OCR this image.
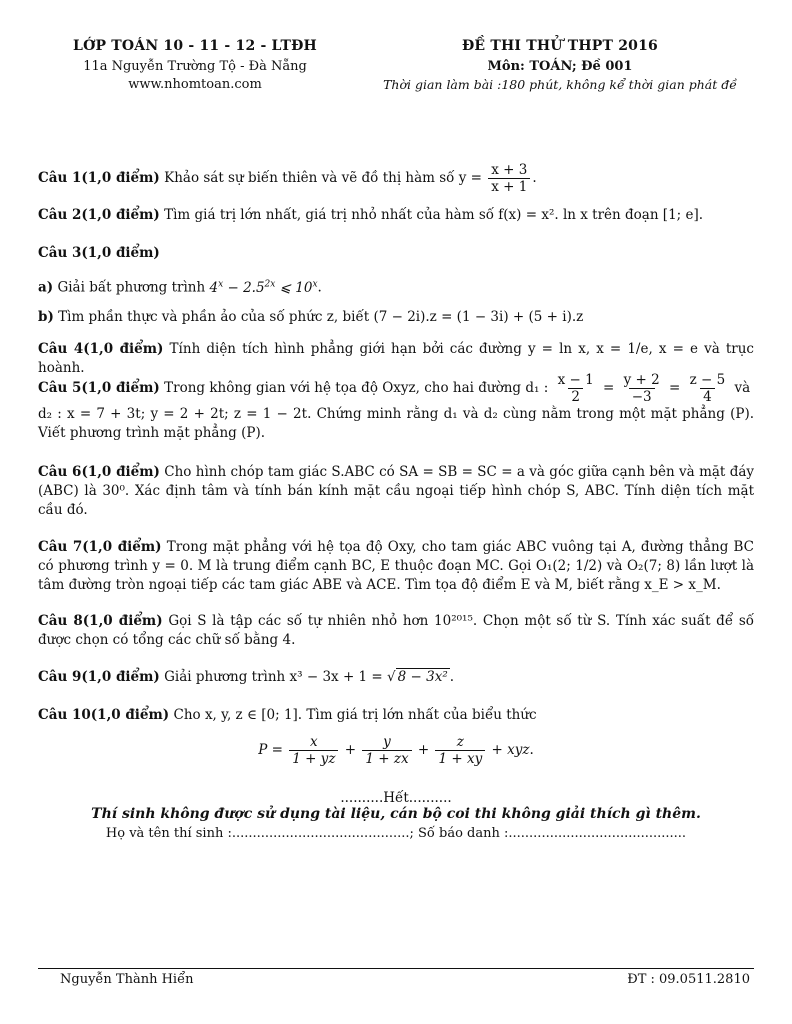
LỚP TOÁN 10 - 11 - 12 - LTĐH
11a Nguyễn Trường Tộ - Đà Nẵng
www.nhomtoan.com
ĐỀ THI THỬ THPT 2016
Môn: TOÁN; Đề 001
Thời gian làm bài :180 phút, không kể thời gian phát đề
Câu 1(1,0 điểm) Khảo sát sự biến thiên và vẽ đồ thị hàm số $y = \frac{x + 3}{x + 1}$ .
Câu 2(1,0 điểm) Tìm giá trị lớn nhất, giá trị nhỏ nhất của hàm số f(x) = x². ln x trên đoạn [1; e].
Câu 3(1,0 điểm)
a) Giải bất phương trình $4^x - 2.5^{2x}$ ⩽ 10$^x$.
b) Tìm phần thực và phần ảo của số phức z, biết (7 − 2i).z = (1 − 3i) + (5 + i).z
Câu 4(1,0 điểm) Tính diện tích hình phẳng giới hạn bởi các đường y = ln x, x = 1/e, x = e và trục hoành.
Câu 5(1,0 điểm) Trong không gian với hệ tọa độ Oxyz, cho hai đường d₁ : $\frac{x - 1}{2} = \frac{y + 2}{-3} = \frac{z - 5}{4}$ và
d₂ : x = 7 + 3t; y = 2 + 2t; z = 1 − 2t. Chứng minh rằng d₁ và d₂ cùng nằm trong một mặt phẳng (P). Viết phương trình mặt phẳng (P).
Câu 6(1,0 điểm) Cho hình chóp tam giác S.ABC có SA = SB = SC = a và góc giữa cạnh bên và mặt đáy (ABC) là 30⁰. Xác định tâm và tính bán kính mặt cầu ngoại tiếp hình chóp S, ABC. Tính diện tích mặt cầu đó.
Câu 7(1,0 điểm) Trong mặt phẳng với hệ tọa độ Oxy, cho tam giác ABC vuông tại A, đường thẳng BC có phương trình y = 0. M là trung điểm cạnh BC, E thuộc đoạn MC. Gọi O₁(2; 1/2) và O₂(7; 8) lần lượt là tâm đường tròn ngoại tiếp các tam giác ABE và ACE. Tìm tọa độ điểm E và M, biết rằng x_E > x_M.
Câu 8(1,0 điểm) Gọi S là tập các số tự nhiên nhỏ hơn 10²⁰¹⁵. Chọn một số từ S. Tính xác suất để số được chọn có tổng các chữ số bằng 4.
Câu 9(1,0 điểm) Giải phương trình x³ − 3x + 1 = √ 8 − 3x² .
Câu 10(1,0 điểm) Cho x, y, z ∈ [0; 1]. Tìm giá trị lớn nhất của biểu thức
$P = \frac{x}{1 + yz} + \frac{y}{1 + zx} + \frac{z}{1 + xy}$ + xyz.
..........Hết..........
Thí sinh không được sử dụng tài liệu, cán bộ coi thi không giải thích gì thêm.
Họ và tên thí sinh :...........................................; Số báo danh :...........................................
Nguyễn Thành Hiển	ĐT : 09.0511.2810
